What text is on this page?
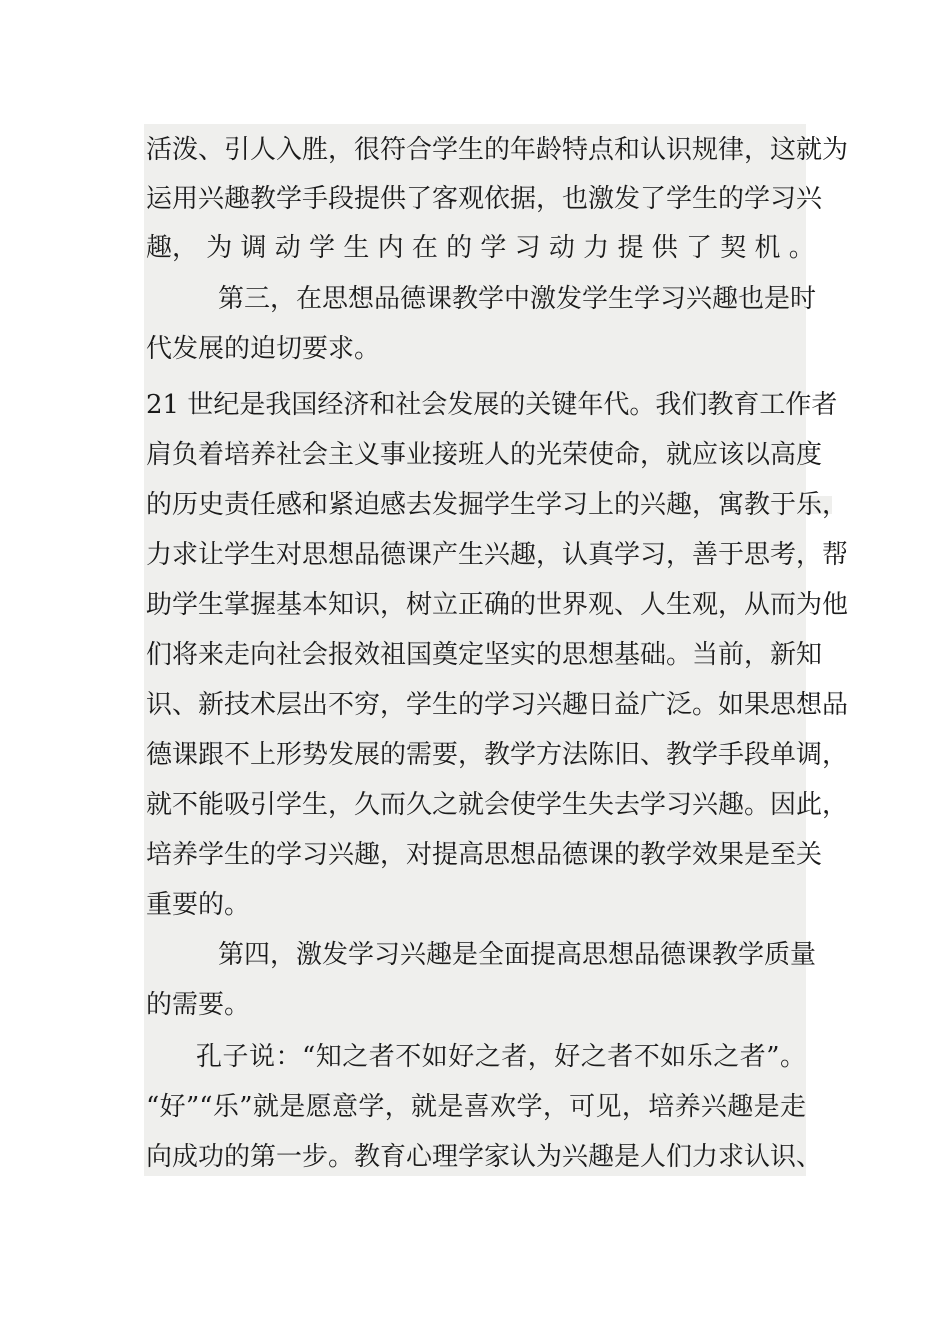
活泼、引人入胜，很符合学生的年龄特点和认识规律，这就为
运用兴趣教学手段提供了客观依据，也激发了学生的学习兴
趣， 为 调 动 学 生 内 在 的 学 习 动 力 提 供 了 契 机 。
第三，在思想品德课教学中激发学生学习兴趣也是时
代发展的迫切要求。
21 世纪是我国经济和社会发展的关键年代。我们教育工作者
肩负着培养社会主义事业接班人的光荣使命，就应该以高度
的历史责任感和紧迫感去发掘学生学习上的兴趣，寓教于乐，
力求让学生对思想品德课产生兴趣，认真学习，善于思考，帮
助学生掌握基本知识，树立正确的世界观、人生观，从而为他
们将来走向社会报效祖国奠定坚实的思想基础。当前，新知
识、新技术层出不穷，学生的学习兴趣日益广泛。如果思想品
德课跟不上形势发展的需要，教学方法陈旧、教学手段单调，
就不能吸引学生，久而久之就会使学生失去学习兴趣。因此，
培养学生的学习兴趣，对提高思想品德课的教学效果是至关
重要的。
第四，激发学习兴趣是全面提高思想品德课教学质量
的需要。
孔子说：“知之者不如好之者，好之者不如乐之者”。
“好”“乐”就是愿意学，就是喜欢学，可见，培养兴趣是走
向成功的第一步。教育心理学家认为兴趣是人们力求认识、
